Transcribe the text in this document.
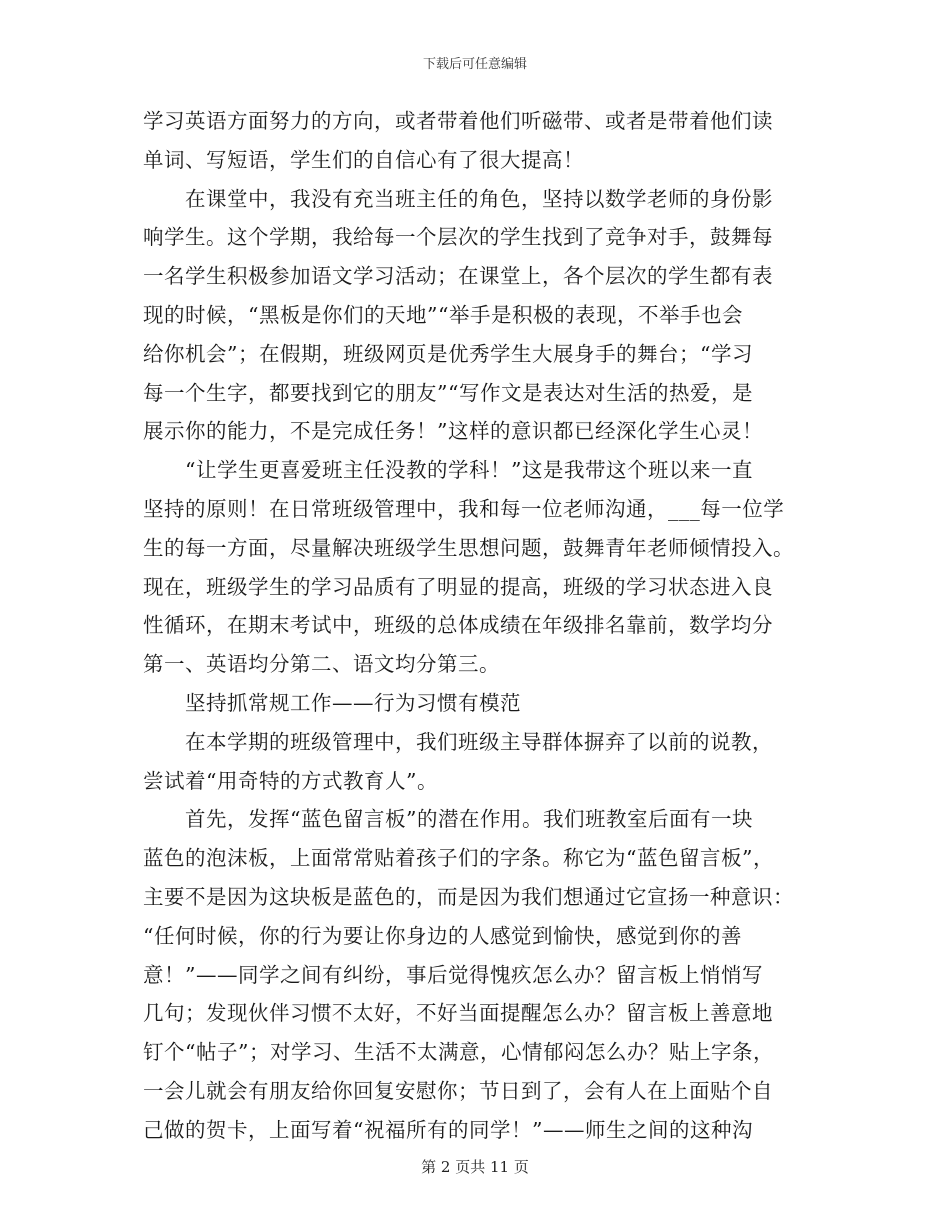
下载后可任意编辑
学习英语方面努力的方向，或者带着他们听磁带、或者是带着他们读
单词、写短语，学生们的自信心有了很大提高！
在课堂中，我没有充当班主任的角色，坚持以数学老师的身份影
响学生。这个学期，我给每一个层次的学生找到了竞争对手，鼓舞每
一名学生积极参加语文学习活动；在课堂上，各个层次的学生都有表
现的时候，“黑板是你们的天地”“举手是积极的表现，不举手也会
给你机会”；在假期，班级网页是优秀学生大展身手的舞台；“学习
每一个生字，都要找到它的朋友”“写作文是表达对生活的热爱，是
展示你的能力，不是完成任务！”这样的意识都已经深化学生心灵！
“让学生更喜爱班主任没教的学科！”这是我带这个班以来一直
坚持的原则！在日常班级管理中，我和每一位老师沟通，___每一位学
生的每一方面，尽量解决班级学生思想问题，鼓舞青年老师倾情投入。
现在，班级学生的学习品质有了明显的提高，班级的学习状态进入良
性循环，在期末考试中，班级的总体成绩在年级排名靠前，数学均分
第一、英语均分第二、语文均分第三。
坚持抓常规工作——行为习惯有模范
在本学期的班级管理中，我们班级主导群体摒弃了以前的说教，
尝试着“用奇特的方式教育人”。
首先，发挥“蓝色留言板”的潜在作用。我们班教室后面有一块
蓝色的泡沫板，上面常常贴着孩子们的字条。称它为“蓝色留言板”，
主要不是因为这块板是蓝色的，而是因为我们想通过它宣扬一种意识：
“任何时候，你的行为要让你身边的人感觉到愉快，感觉到你的善
意！”——同学之间有纠纷，事后觉得愧疚怎么办？留言板上悄悄写
几句；发现伙伴习惯不太好，不好当面提醒怎么办？留言板上善意地
钉个“帖子”；对学习、生活不太满意，心情郁闷怎么办？贴上字条，
一会儿就会有朋友给你回复安慰你；节日到了，会有人在上面贴个自
己做的贺卡，上面写着“祝福所有的同学！”——师生之间的这种沟
第 2 页共 11 页
